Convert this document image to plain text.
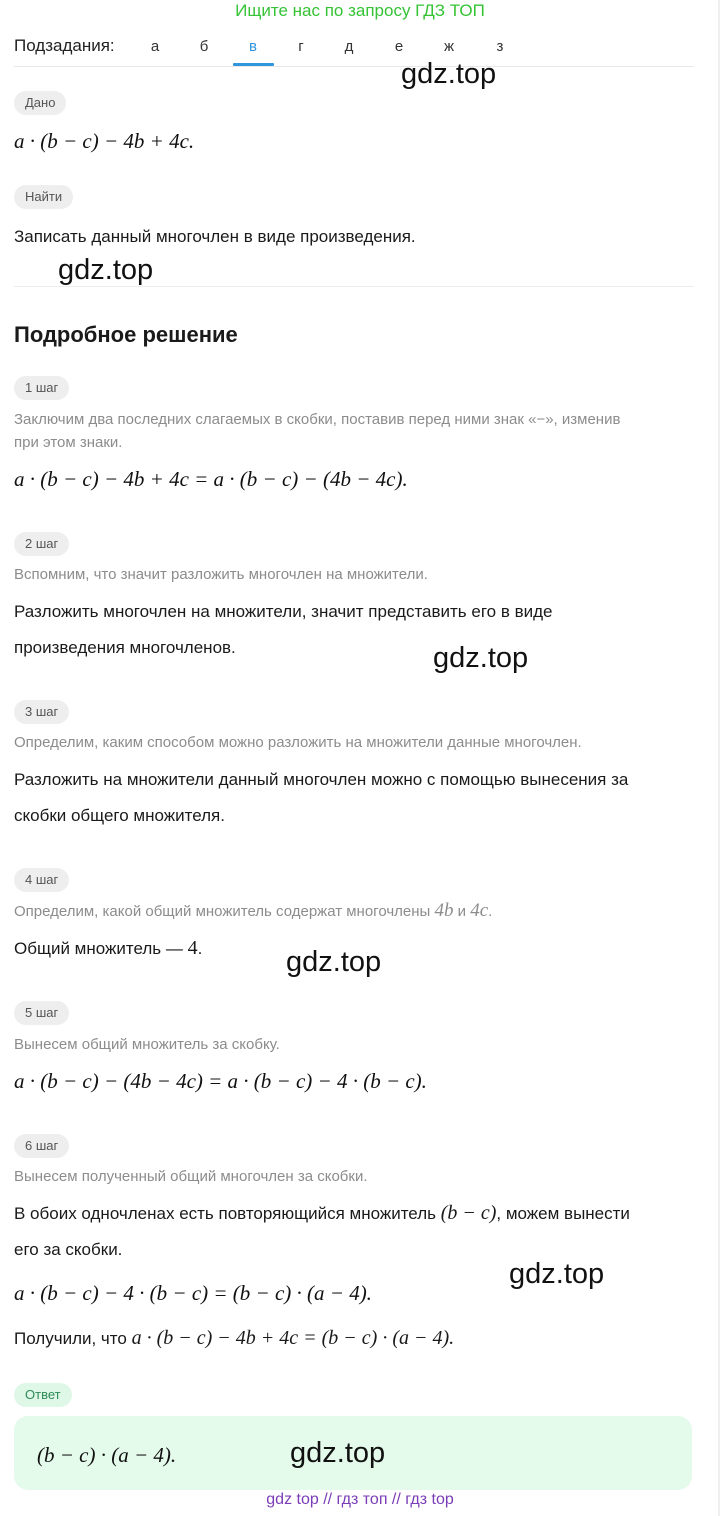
Ищите нас по запросу ГДЗ ТОП
Подзадания:	а	б	в	г	д	е	ж	з
Дано
a · (b − c) − 4b + 4c.
Найти
Записать данный многочлен в виде произведения.
Подробное решение
1 шаг
Заключим два последних слагаемых в скобки, поставив перед ними знак «−», изменив
при этом знаки.
a · (b − c) − 4b + 4c = a · (b − c) − (4b − 4c).
2 шаг
Вспомним, что значит разложить многочлен на множители.
Разложить многочлен на множители, значит представить его в виде
произведения многочленов.
3 шаг
Определим, каким способом можно разложить на множители данные многочлен.
Разложить на множители данный многочлен можно с помощью вынесения за
скобки общего множителя.
4 шаг
Определим, какой общий множитель содержат многочлены 4b и 4c.
Общий множитель — 4.
5 шаг
Вынесем общий множитель за скобку.
a · (b − c) − (4b − 4c) = a · (b − c) − 4 · (b − c).
6 шаг
Вынесем полученный общий многочлен за скобки.
В обоих одночленах есть повторяющийся множитель (b − c), можем вынести
его за скобки.
a · (b − c) − 4 · (b − c) = (b − c) · (a − 4).
Получили, что a · (b − c) − 4b + 4c = (b − c) · (a − 4).
Ответ
(b − c) · (a − 4).
gdz.top
gdz.top
gdz.top
gdz.top
gdz.top
gdz.top
gdz top // гдз топ // гдз top
